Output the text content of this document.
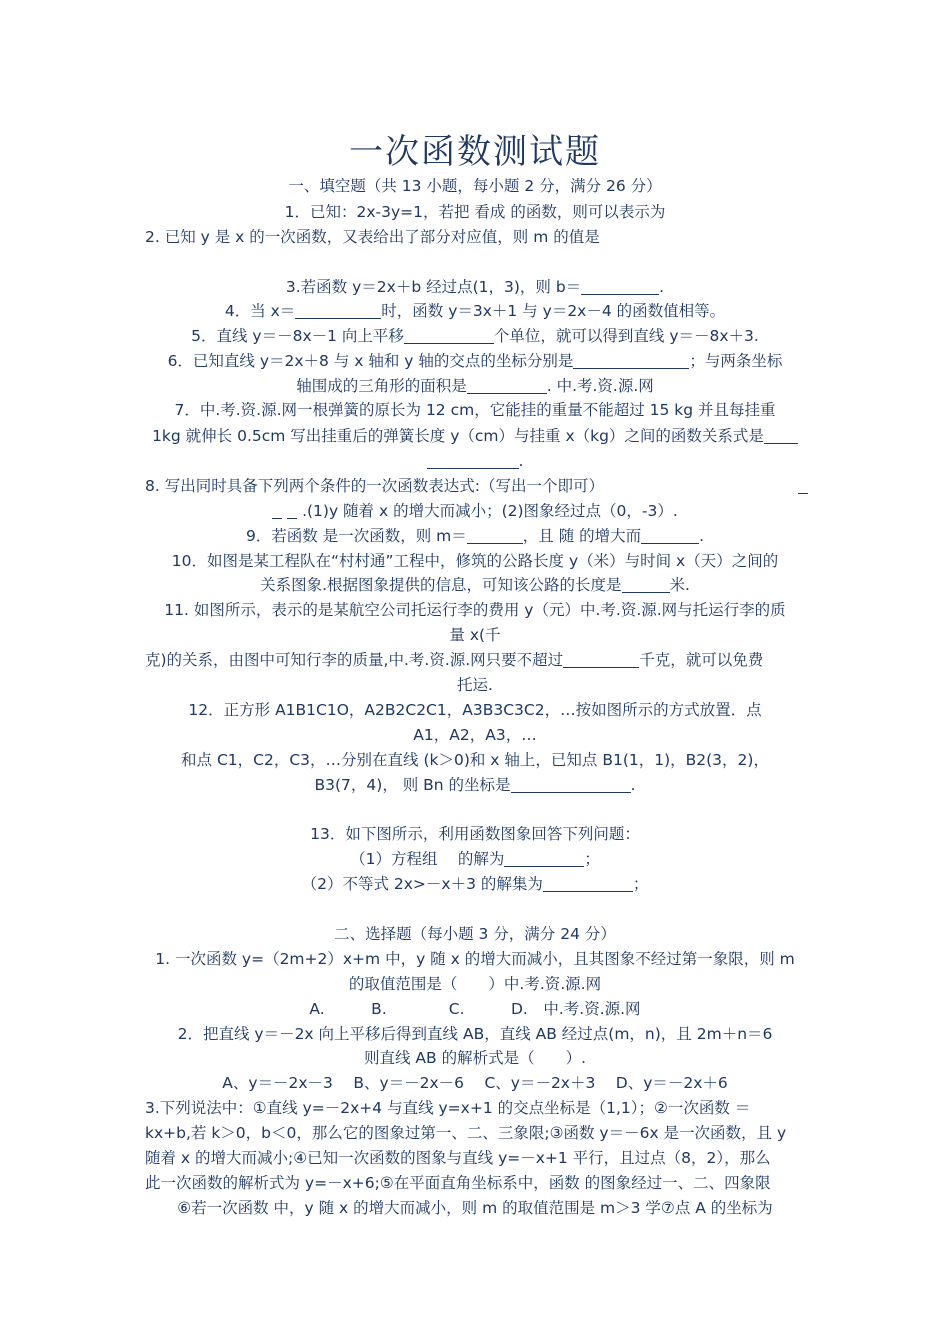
一次函数测试题
一、填空题（共 13 小题，每小题 2 分，满分 26 分）
1．已知：2x-3y=1，若把 看成 的函数，则可以表示为
2. 已知 y 是 x 的一次函数，又表给出了部分对应值，则 m 的值是
3.若函数 y＝2x＋b 经过点(1，3)，则 b＝	.
4．当 x＝	时，函数 y＝3x＋1 与 y＝2x－4 的函数值相等。
5．直线 y＝－8x－1 向上平移	个单位，就可以得到直线 y＝－8x＋3.
6．已知直线 y＝2x＋8 与 x 轴和 y 轴的交点的坐标分别是	；与两条坐标
轴围成的三角形的面积是	. 中.考.资.源.网
7．中.考.资.源.网一根弹簧的原长为 12 cm，它能挂的重量不能超过 15 kg 并且每挂重
1kg 就伸长 0.5cm 写出挂重后的弹簧长度 y（cm）与挂重 x（kg）之间的函数关系式是
.
8. 写出同时具备下列两个条件的一次函数表达式:（写出一个即可）
.(1)y 随着 x 的增大而减小；(2)图象经过点（0，-3）.
9．若函数 是一次函数，则 m＝	，且 随 的增大而	.
10．如图是某工程队在“村村通”工程中，修筑的公路长度 y（米）与时间 x（天）之间的
关系图象.根据图象提供的信息，可知该公路的长度是	米.
11. 如图所示，表示的是某航空公司托运行李的费用 y（元）中.考.资.源.网与托运行李的质
量 x(千
克)的关系，由图中可知行李的质量,中.考.资.源.网只要不超过	千克，就可以免费
托运.
12．正方形 A1B1C1O，A2B2C2C1，A3B3C3C2，…按如图所示的方式放置．点
A1，A2，A3，…
和点 C1，C2，C3，…分别在直线 (k＞0)和 x 轴上，已知点 B1(1，1)，B2(3，2)，
B3(7，4)， 则 Bn 的坐标是	.
13．如下图所示，利用函数图象回答下列问题：
（1）方程组　 的解为	；
（2）不等式 2x>－x＋3 的解集为	；
二、选择题（每小题 3 分，满分 24 分）
1. 一次函数 y=（2m+2）x+m 中，y 随 x 的增大而减小，且其图象不经过第一象限，则 m
的取值范围是（　　）中.考.资.源.网
A.　　　B.　　　　C.　　　D.　中.考.资.源.网
2．把直线 y＝－2x 向上平移后得到直线 AB，直线 AB 经过点(m，n)，且 2m＋n＝6
则直线 AB 的解析式是（　　）.
A、y＝－2x－3　 B、y＝－2x－6　 C、y＝－2x＋3　 D、y＝－2x＋6
3.下列说法中：①直线 y=－2x+4 与直线 y=x+1 的交点坐标是（1,1）；②一次函数 ＝
kx+b,若 k＞0，b＜0，那么它的图象过第一、二、三象限;③函数 y＝－6x 是一次函数，且 y
随着 x 的增大而减小;④已知一次函数的图象与直线 y=－x+1 平行，且过点（8，2），那么
此一次函数的解析式为 y=－x+6;⑤在平面直角坐标系中，函数 的图象经过一、二、四象限
⑥若一次函数 中，y 随 x 的增大而减小，则 m 的取值范围是 m＞3 学⑦点 A 的坐标为
